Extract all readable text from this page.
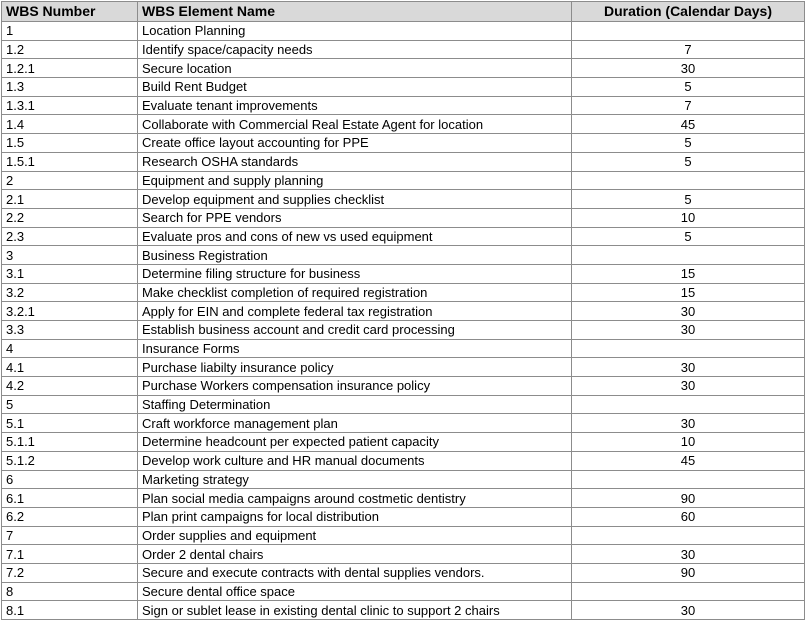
WBS Number	WBS Element Name	Duration (Calendar Days)
1	Location Planning	
1.2	Identify space/capacity needs	7
1.2.1	Secure location	30
1.3	Build Rent Budget	5
1.3.1	Evaluate tenant improvements	7
1.4	Collaborate with Commercial Real Estate Agent for location	45
1.5	Create office layout accounting for PPE	5
1.5.1	Research OSHA standards	5
2	Equipment and supply planning	
2.1	Develop equipment and supplies checklist	5
2.2	Search for PPE vendors	10
2.3	Evaluate pros and cons of new vs used equipment	5
3	Business Registration	
3.1	Determine filing structure for business	15
3.2	Make checklist completion of required registration	15
3.2.1	Apply for EIN and complete federal tax registration	30
3.3	Establish business account and credit card processing	30
4	Insurance Forms	
4.1	Purchase liabilty insurance policy	30
4.2	Purchase Workers compensation insurance policy	30
5	Staffing Determination	
5.1	Craft workforce management plan	30
5.1.1	Determine headcount per expected patient capacity	10
5.1.2	Develop work culture and HR manual documents	45
6	Marketing strategy	
6.1	Plan social media campaigns around costmetic dentistry	90
6.2	Plan print campaigns for local distribution	60
7	Order supplies and equipment	
7.1	Order 2 dental chairs	30
7.2	Secure and execute contracts with dental supplies vendors.	90
8	Secure dental office space	
8.1	Sign or sublet lease in existing dental clinic to support 2 chairs	30
